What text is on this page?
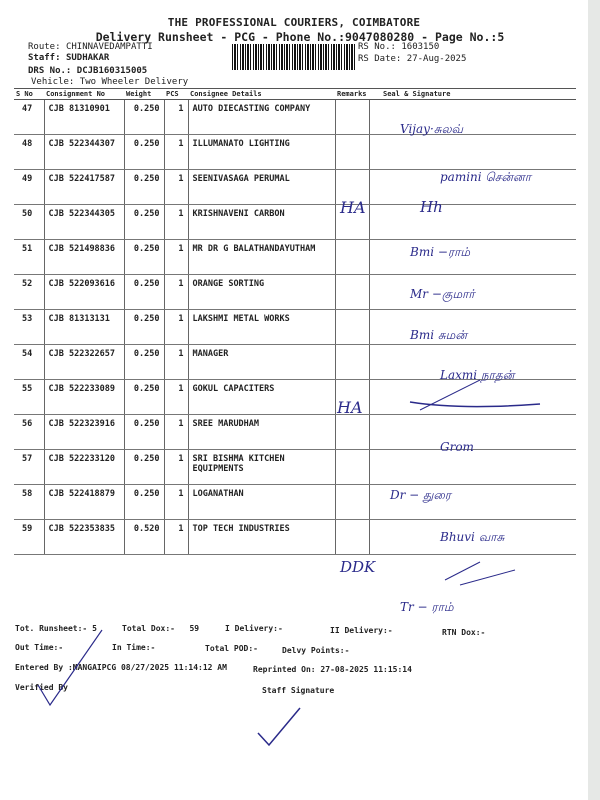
THE PROFESSIONAL COURIERS, COIMBATORE
Delivery Runsheet - PCG - Phone No.:9047080280 - Page No.:5
Route: CHINNAVEDAMPATTI
Staff: SUDHAKAR
DRS No.: DCJB160315005
Vehicle: Two Wheeler Delivery
RS No.: 1603150
RS Date: 27-Aug-2025
S No	Consignment No	Weight	PCS	Consignee Details	Remarks	Seal & Signature
47	CJB 81310901	0.250	1	AUTO DIECASTING COMPANY		
48	CJB 522344307	0.250	1	ILLUMANATO LIGHTING		
49	CJB 522417587	0.250	1	SEENIVASAGA PERUMAL		
50	CJB 522344305	0.250	1	KRISHNAVENI CARBON		
51	CJB 521498836	0.250	1	MR DR G BALATHANDAYUTHAM		
52	CJB 522093616	0.250	1	ORANGE SORTING		
53	CJB 81313131	0.250	1	LAKSHMI METAL WORKS		
54	CJB 522322657	0.250	1	MANAGER		
55	CJB 522233089	0.250	1	GOKUL CAPACITERS		
56	CJB 522323916	0.250	1	SREE MARUDHAM		
57	CJB 522233120	0.250	1	SRI BISHMA KITCHEN EQUIPMENTS		
58	CJB 522418879	0.250	1	LOGANATHAN		
59	CJB 522353835	0.520	1	TOP TECH INDUSTRIES		
Vijay·சுலவ்
pamini சென்னா
HA	Hh
Bmi −ராம்
Mr −குமார்
Bmi சுமன்
Laxmi நாதன்
HA
Grom
Dr − துரை
Bhuvi வாசு
DDK
Tr − ராம்
Tot. Runsheet:- 5	Total Dox:- 59	I Delivery:-	II Delivery:-	RTN Dox:-
Out Time:-	In Time:-	Total POD:-	Delvy Points:-
Entered By :MANGAIPCG 08/27/2025 11:14:12 AM	Reprinted On: 27-08-2025 11:15:14
Verified By	Staff Signature
